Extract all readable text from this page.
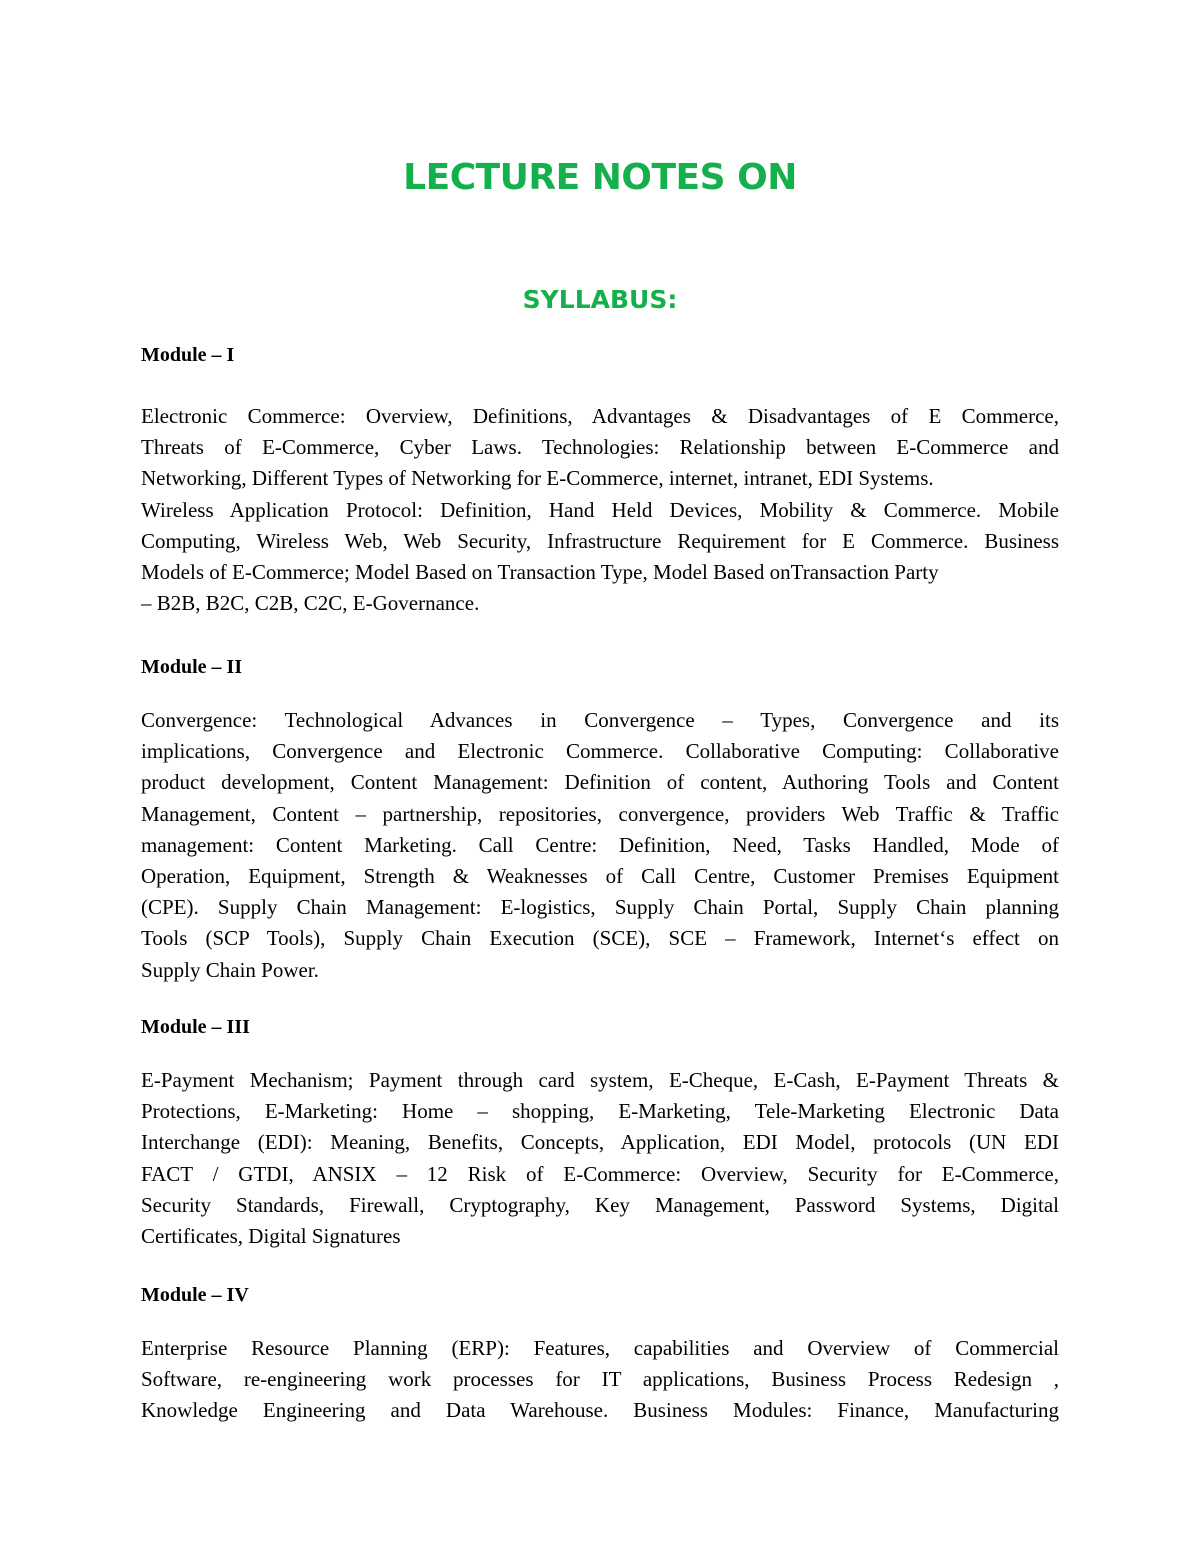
LECTURE NOTES ON
SYLLABUS:
Module – I
Electronic Commerce: Overview, Definitions, Advantages & Disadvantages of E Commerce,
Threats of E-Commerce, Cyber Laws. Technologies: Relationship between E-Commerce and
Networking, Different Types of Networking for E-Commerce, internet, intranet, EDI Systems.
Wireless Application Protocol: Definition, Hand Held Devices, Mobility & Commerce. Mobile
Computing, Wireless Web, Web Security, Infrastructure Requirement for E Commerce. Business
Models of E-Commerce; Model Based on Transaction Type, Model Based onTransaction Party
– B2B, B2C, C2B, C2C, E-Governance.
Module – II
Convergence: Technological Advances in Convergence – Types, Convergence and its
implications, Convergence and Electronic Commerce. Collaborative Computing: Collaborative
product development, Content Management: Definition of content, Authoring Tools and Content
Management, Content – partnership, repositories, convergence, providers Web Traffic & Traffic
management: Content Marketing. Call Centre: Definition, Need, Tasks Handled, Mode of
Operation, Equipment, Strength & Weaknesses of Call Centre, Customer Premises Equipment
(CPE). Supply Chain Management: E-logistics, Supply Chain Portal, Supply Chain planning
Tools (SCP Tools), Supply Chain Execution (SCE), SCE – Framework, Internet‘s effect on
Supply Chain Power.
Module – III
E-Payment Mechanism; Payment through card system, E-Cheque, E-Cash, E-Payment Threats &
Protections, E-Marketing: Home – shopping, E-Marketing, Tele-Marketing Electronic Data
Interchange (EDI): Meaning, Benefits, Concepts, Application, EDI Model, protocols (UN EDI
FACT / GTDI, ANSIX – 12 Risk of E-Commerce: Overview, Security for E-Commerce,
Security Standards, Firewall, Cryptography, Key Management, Password Systems, Digital
Certificates, Digital Signatures
Module – IV
Enterprise Resource Planning (ERP): Features, capabilities and Overview of Commercial
Software, re-engineering work processes for IT applications, Business Process Redesign ,
Knowledge Engineering and Data Warehouse. Business Modules: Finance, Manufacturing
